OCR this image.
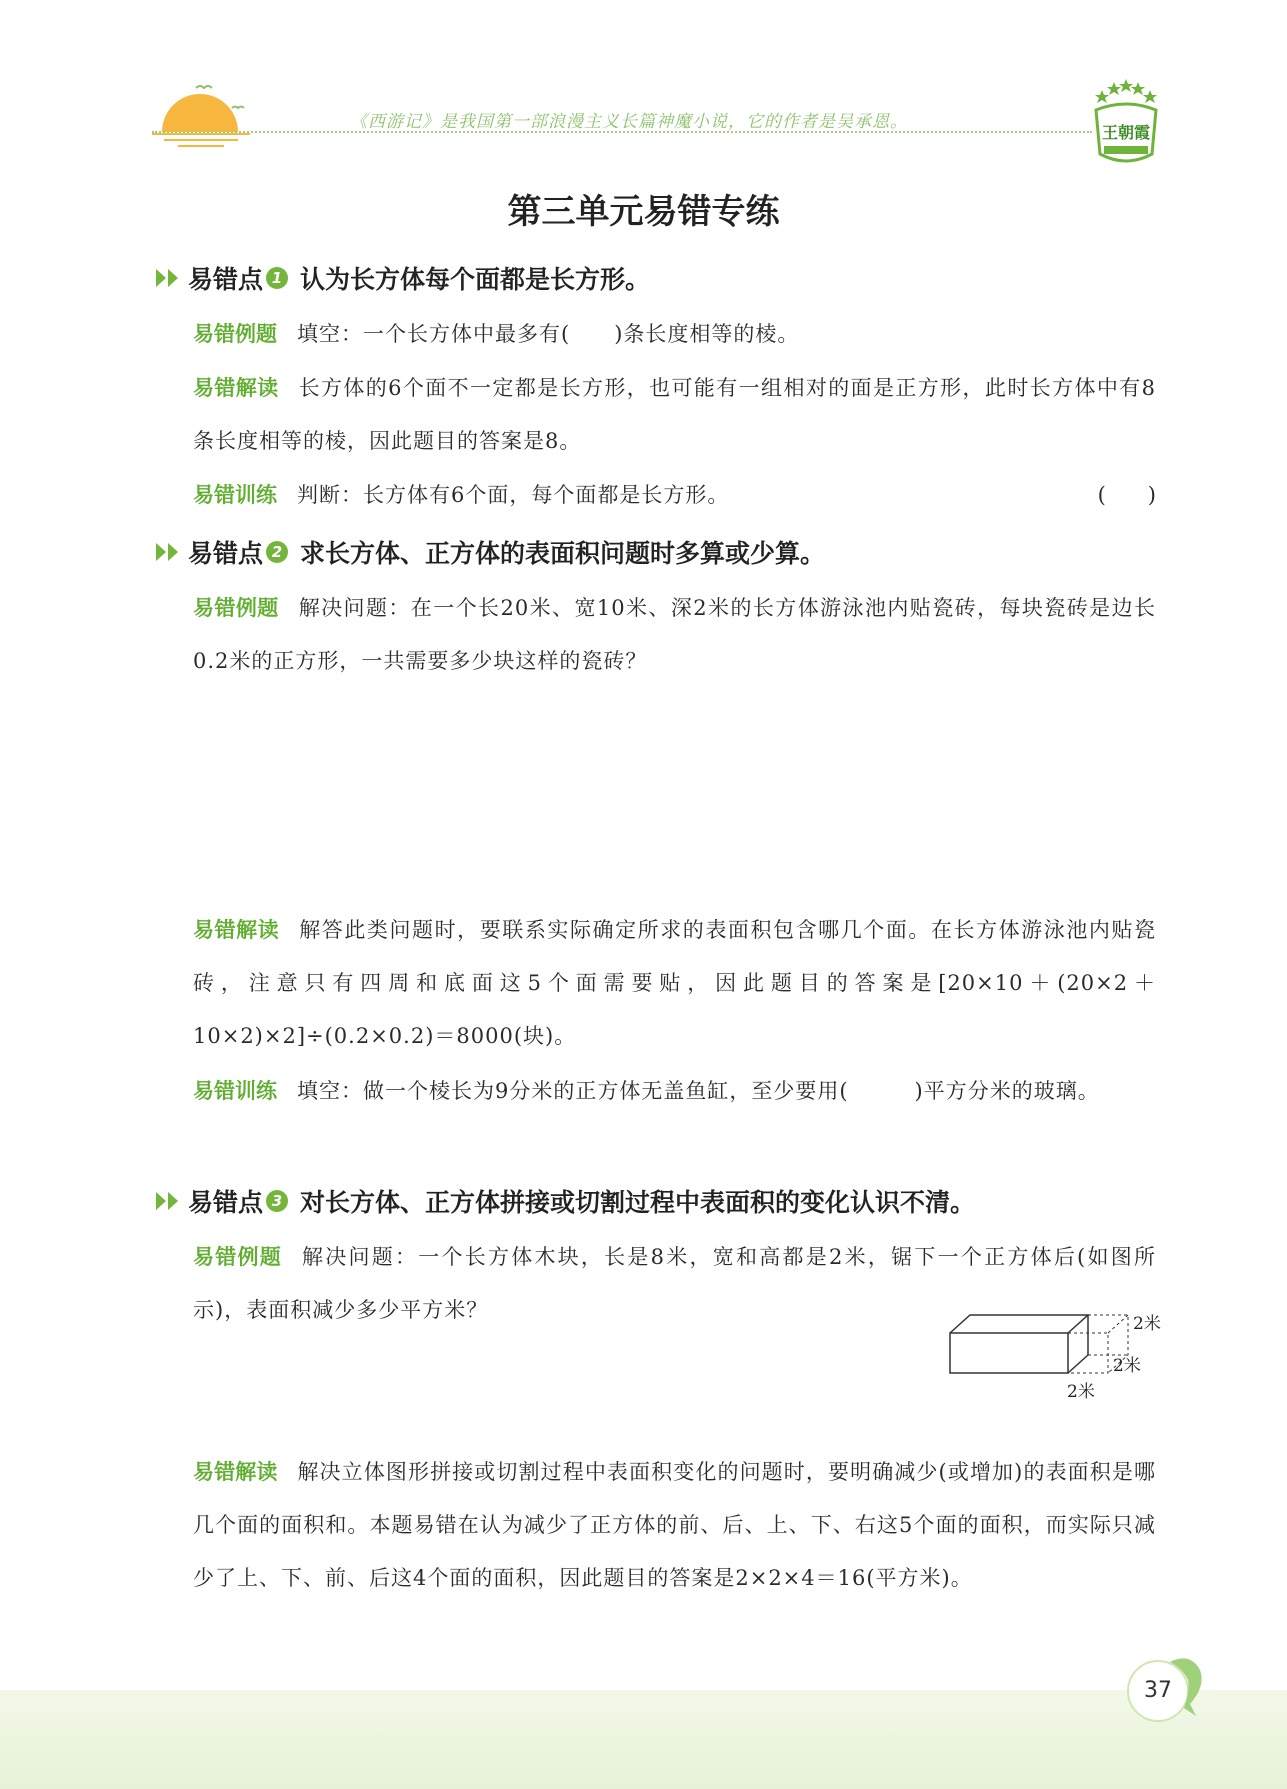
《西游记》是我国第一部浪漫主义长篇神魔小说，它的作者是吴承恩。
王朝霞
第三单元易错专练
易错点 1 认为长方体每个面都是长方形。
易错例题 填空：一个长方体中最多有(　　)条长度相等的棱。
易错解读 长方体的6个面不一定都是长方形，也可能有一组相对的面是正方形，此时长方体中有8条长度相等的棱，因此题目的答案是8。
易错训练 判断：长方体有6个面，每个面都是长方形。	(　　)
易错点 2 求长方体、正方体的表面积问题时多算或少算。
易错例题 解决问题：在一个长20米、宽10米、深2米的长方体游泳池内贴瓷砖，每块瓷砖是边长0.2米的正方形，一共需要多少块这样的瓷砖？
易错解读 解答此类问题时，要联系实际确定所求的表面积包含哪几个面。在长方体游泳池内贴瓷砖，注意只有四周和底面这5个面需要贴，因此题目的答案是[20×10＋(20×2＋10×2)×2]÷(0.2×0.2)＝8000(块)。
易错训练 填空：做一个棱长为9分米的正方体无盖鱼缸，至少要用(　　　)平方分米的玻璃。
易错点 3 对长方体、正方体拼接或切割过程中表面积的变化认识不清。
易错例题 解决问题：一个长方体木块，长是8米，宽和高都是2米，锯下一个正方体后(如图所示)，表面积减少多少平方米？
2米
2米
2米
易错解读 解决立体图形拼接或切割过程中表面积变化的问题时，要明确减少(或增加)的表面积是哪几个面的面积和。本题易错在认为减少了正方体的前、后、上、下、右这5个面的面积，而实际只减少了上、下、前、后这4个面的面积，因此题目的答案是2×2×4＝16(平方米)。
37
